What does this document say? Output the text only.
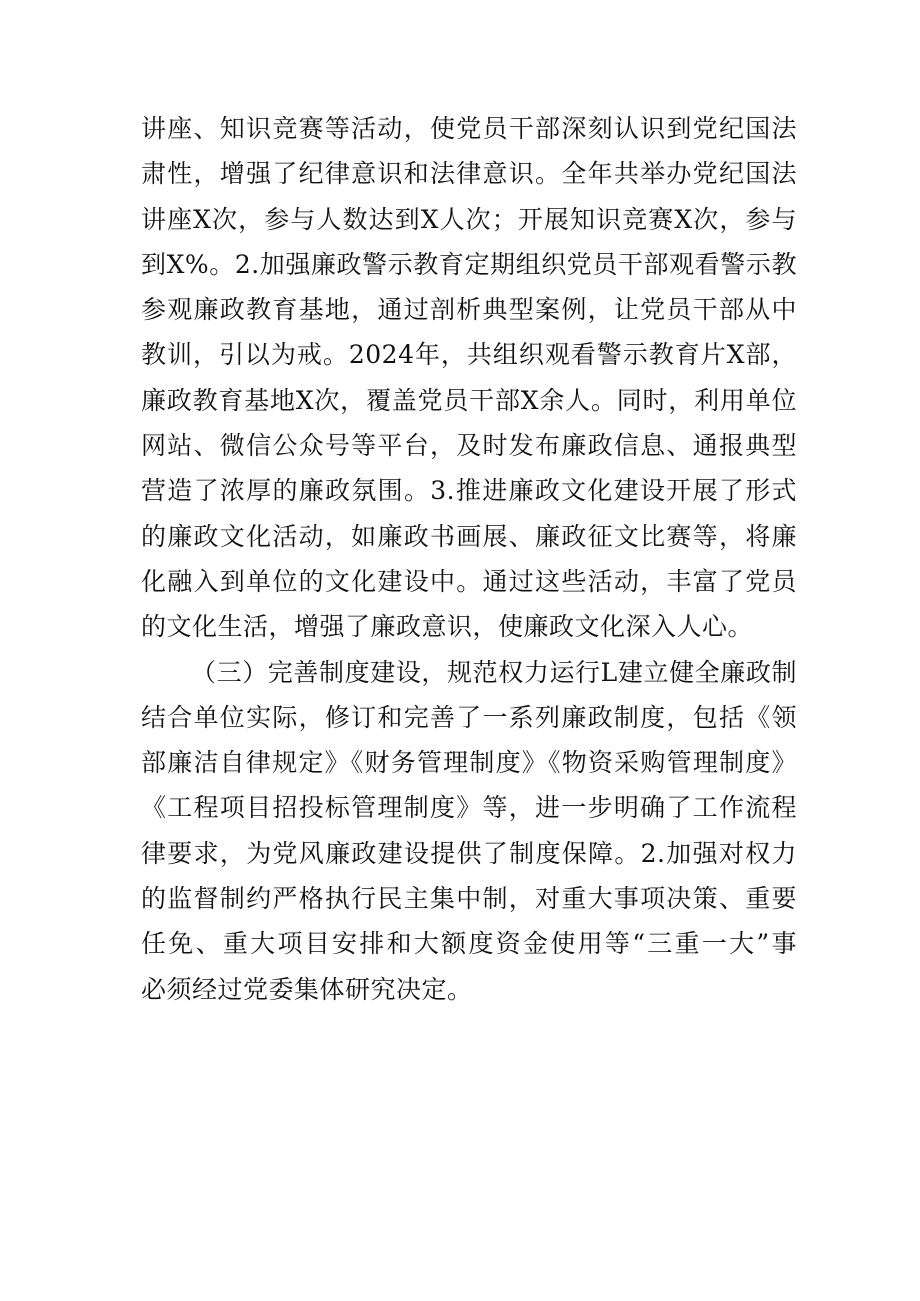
讲座、知识竞赛等活动，使党员干部深刻认识到党纪国法
肃性，增强了纪律意识和法律意识。全年共举办党纪国法
讲座X次，参与人数达到X人次；开展知识竞赛X次，参与
到X%。2.加强廉政警示教育定期组织党员干部观看警示教
参观廉政教育基地，通过剖析典型案例，让党员干部从中
教训，引以为戒。2024年，共组织观看警示教育片X部，
廉政教育基地X次，覆盖党员干部X余人。同时，利用单位
网站、微信公众号等平台，及时发布廉政信息、通报典型
营造了浓厚的廉政氛围。3.推进廉政文化建设开展了形式
的廉政文化活动，如廉政书画展、廉政征文比赛等，将廉
化融入到单位的文化建设中。通过这些活动，丰富了党员
的文化生活，增强了廉政意识，使廉政文化深入人心。
（三）完善制度建设，规范权力运行L建立健全廉政制
结合单位实际，修订和完善了一系列廉政制度，包括《领
部廉洁自律规定》《财务管理制度》《物资采购管理制度》
《工程项目招投标管理制度》等，进一步明确了工作流程
律要求，为党风廉政建设提供了制度保障。2.加强对权力
的监督制约严格执行民主集中制，对重大事项决策、重要
任免、重大项目安排和大额度资金使用等“三重一大”事
必须经过党委集体研究决定。
